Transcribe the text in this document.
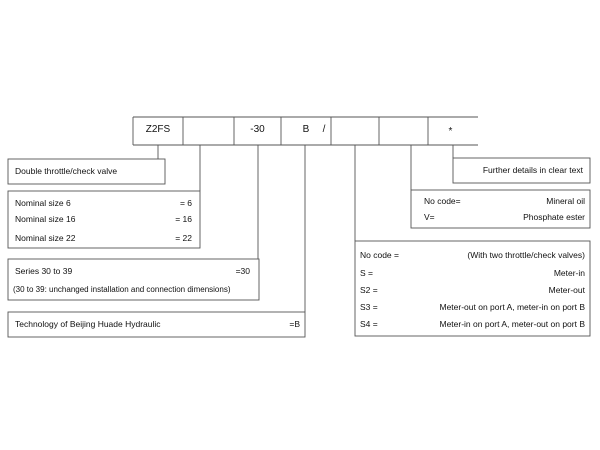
Z2FS	-30	B	/	*
Double throttle/check valve
Nominal size 6	= 6
Nominal size 16	= 16
Nominal size 22	= 22
Series 30 to 39	=30
(30 to 39: unchanged installation and connection dimensions)
Technology of Beijing Huade Hydraulic	=B
Further details in clear text
No code=	Mineral oil
V=	Phosphate ester
No code =	(With two throttle/check valves)
S =	Meter-in
S2 =	Meter-out
S3 =	Meter-out on port A, meter-in on port B
S4 =	Meter-in on port A, meter-out on port B
